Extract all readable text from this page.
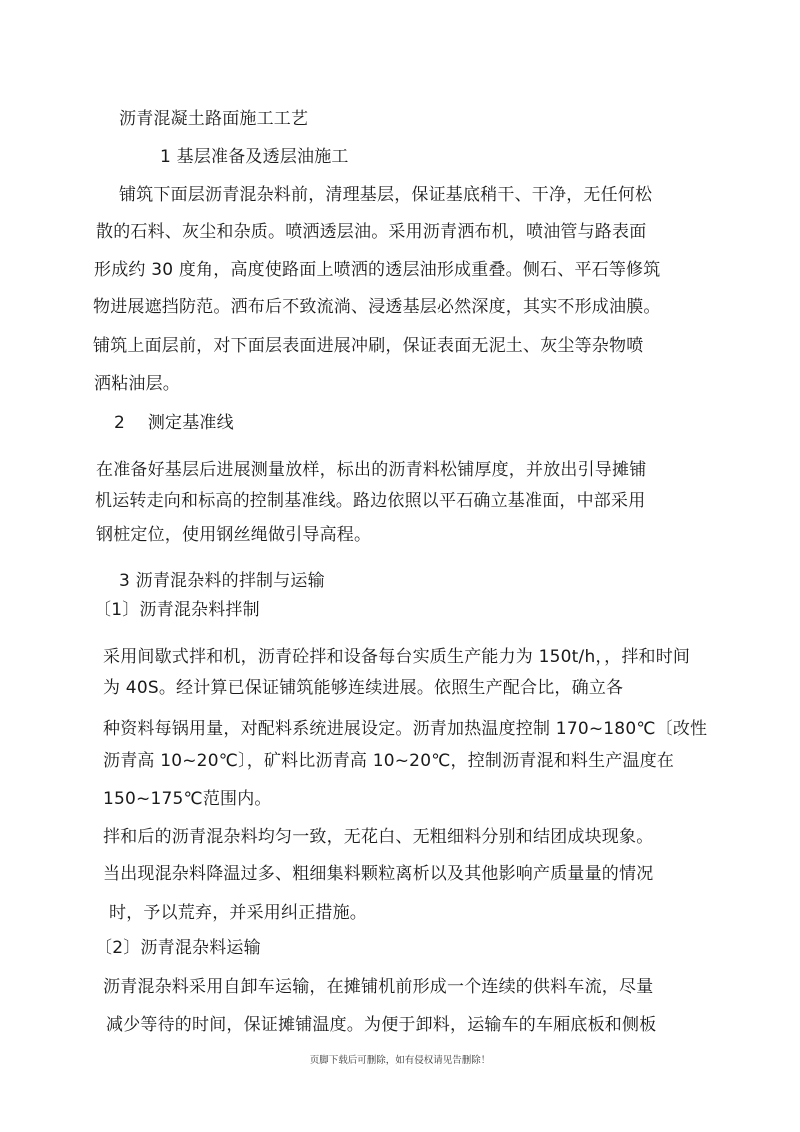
沥青混凝土路面施工工艺
1 基层准备及透层油施工
铺筑下面层沥青混杂料前，清理基层，保证基底稍干、干净，无任何松
散的石料、灰尘和杂质。喷洒透层油。采用沥青洒布机，喷油管与路表面
形成约 30 度角，高度使路面上喷洒的透层油形成重叠。侧石、平石等修筑
物进展遮挡防范。洒布后不致流淌、浸透基层必然深度，其实不形成油膜。
铺筑上面层前，对下面层表面进展冲刷，保证表面无泥土、灰尘等杂物喷
洒粘油层。
2　 测定基准线
在准备好基层后进展测量放样，标出的沥青料松铺厚度，并放出引导摊铺
机运转走向和标高的控制基准线。路边依照以平石确立基准面，中部采用
钢桩定位，使用钢丝绳做引导高程。
3 沥青混杂料的拌制与运输
〔1〕沥青混杂料拌制
采用间歇式拌和机，沥青砼拌和设备每台实质生产能力为 150t/h，，拌和时间
为 40S。经计算已保证铺筑能够连续进展。依照生产配合比，确立各
种资料每锅用量，对配料系统进展设定。沥青加热温度控制 170~180℃〔改性
沥青高 10~20℃〕，矿料比沥青高 10~20℃，控制沥青混和料生产温度在
150~175℃范围内。
拌和后的沥青混杂料均匀一致，无花白、无粗细料分别和结团成块现象。
当出现混杂料降温过多、粗细集料颗粒离析以及其他影响产质量量的情况
时，予以荒弃，并采用纠正措施。
〔2〕沥青混杂料运输
沥青混杂料采用自卸车运输，在摊铺机前形成一个连续的供料车流，尽量
减少等待的时间，保证摊铺温度。为便于卸料，运输车的车厢底板和侧板
页脚下载后可删除，如有侵权请见告删除！
